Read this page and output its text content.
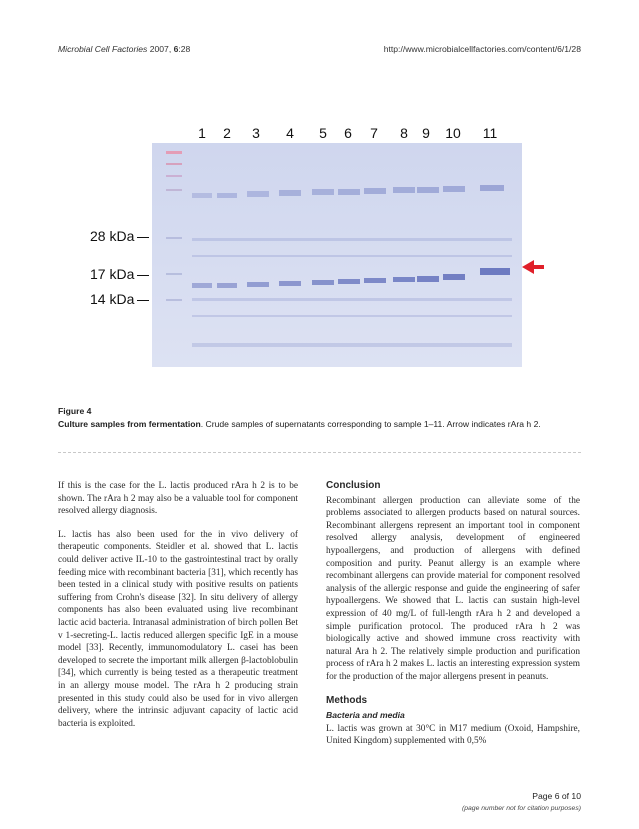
Microbial Cell Factories 2007, 6:28	http://www.microbialcellfactories.com/content/6/1/28
1 2 3 4 5 6 7 8 9 10 11
28 kDa
17 kDa
14 kDa
Figure 4
Culture samples from fermentation. Crude samples of supernatants corresponding to sample 1–11. Arrow indicates rAra h 2.

If this is the case for the L. lactis produced rAra h 2 is to be shown. The rAra h 2 may also be a valuable tool for component resolved allergy diagnosis.

L. lactis has also been used for the in vivo delivery of therapeutic components. Steidler et al. showed that L. lactis could deliver active IL-10 to the gastrointestinal tract by orally feeding mice with recombinant bacteria [31], which recently has been tested in a clinical study with positive results on patients suffering from Crohn's disease [32]. In situ delivery of allergy components has also been evaluated using live recombinant lactic acid bacteria. Intranasal administration of birch pollen Bet v 1-secreting-L. lactis reduced allergen specific IgE in a mouse model [33]. Recently, immunomodulatory L. casei has been developed to secrete the important milk allergen β-lactoblobulin [34], which currently is being tested as a therapeutic treatment in an allergy mouse model. The rAra h 2 producing strain presented in this study could also be used for in vivo allergen delivery, where the intrinsic adjuvant capacity of lactic acid bacteria is exploited.

Conclusion

Recombinant allergen production can alleviate some of the problems associated to allergen products based on natural sources. Recombinant allergens represent an important tool in component resolved allergy analysis, development of engineered hypoallergens, and production of allergens with defined composition and purity. Peanut allergy is an example where recombinant allergens can provide material for component resolved analysis of the allergic response and guide the engineering of safer hypoallergens. We showed that L. lactis can sustain high-level expression of 40 mg/L of full-length rAra h 2 and developed a simple purification protocol. The produced rAra h 2 was biologically active and showed immune cross reactivity with natural Ara h 2. The relatively simple production and purification process of rAra h 2 makes L. lactis an interesting expression system for the production of the major allergens present in peanuts.

Methods
Bacteria and media

L. lactis was grown at 30°C in M17 medium (Oxoid, Hampshire, United Kingdom) supplemented with 0,5%

Page 6 of 10
(page number not for citation purposes)
